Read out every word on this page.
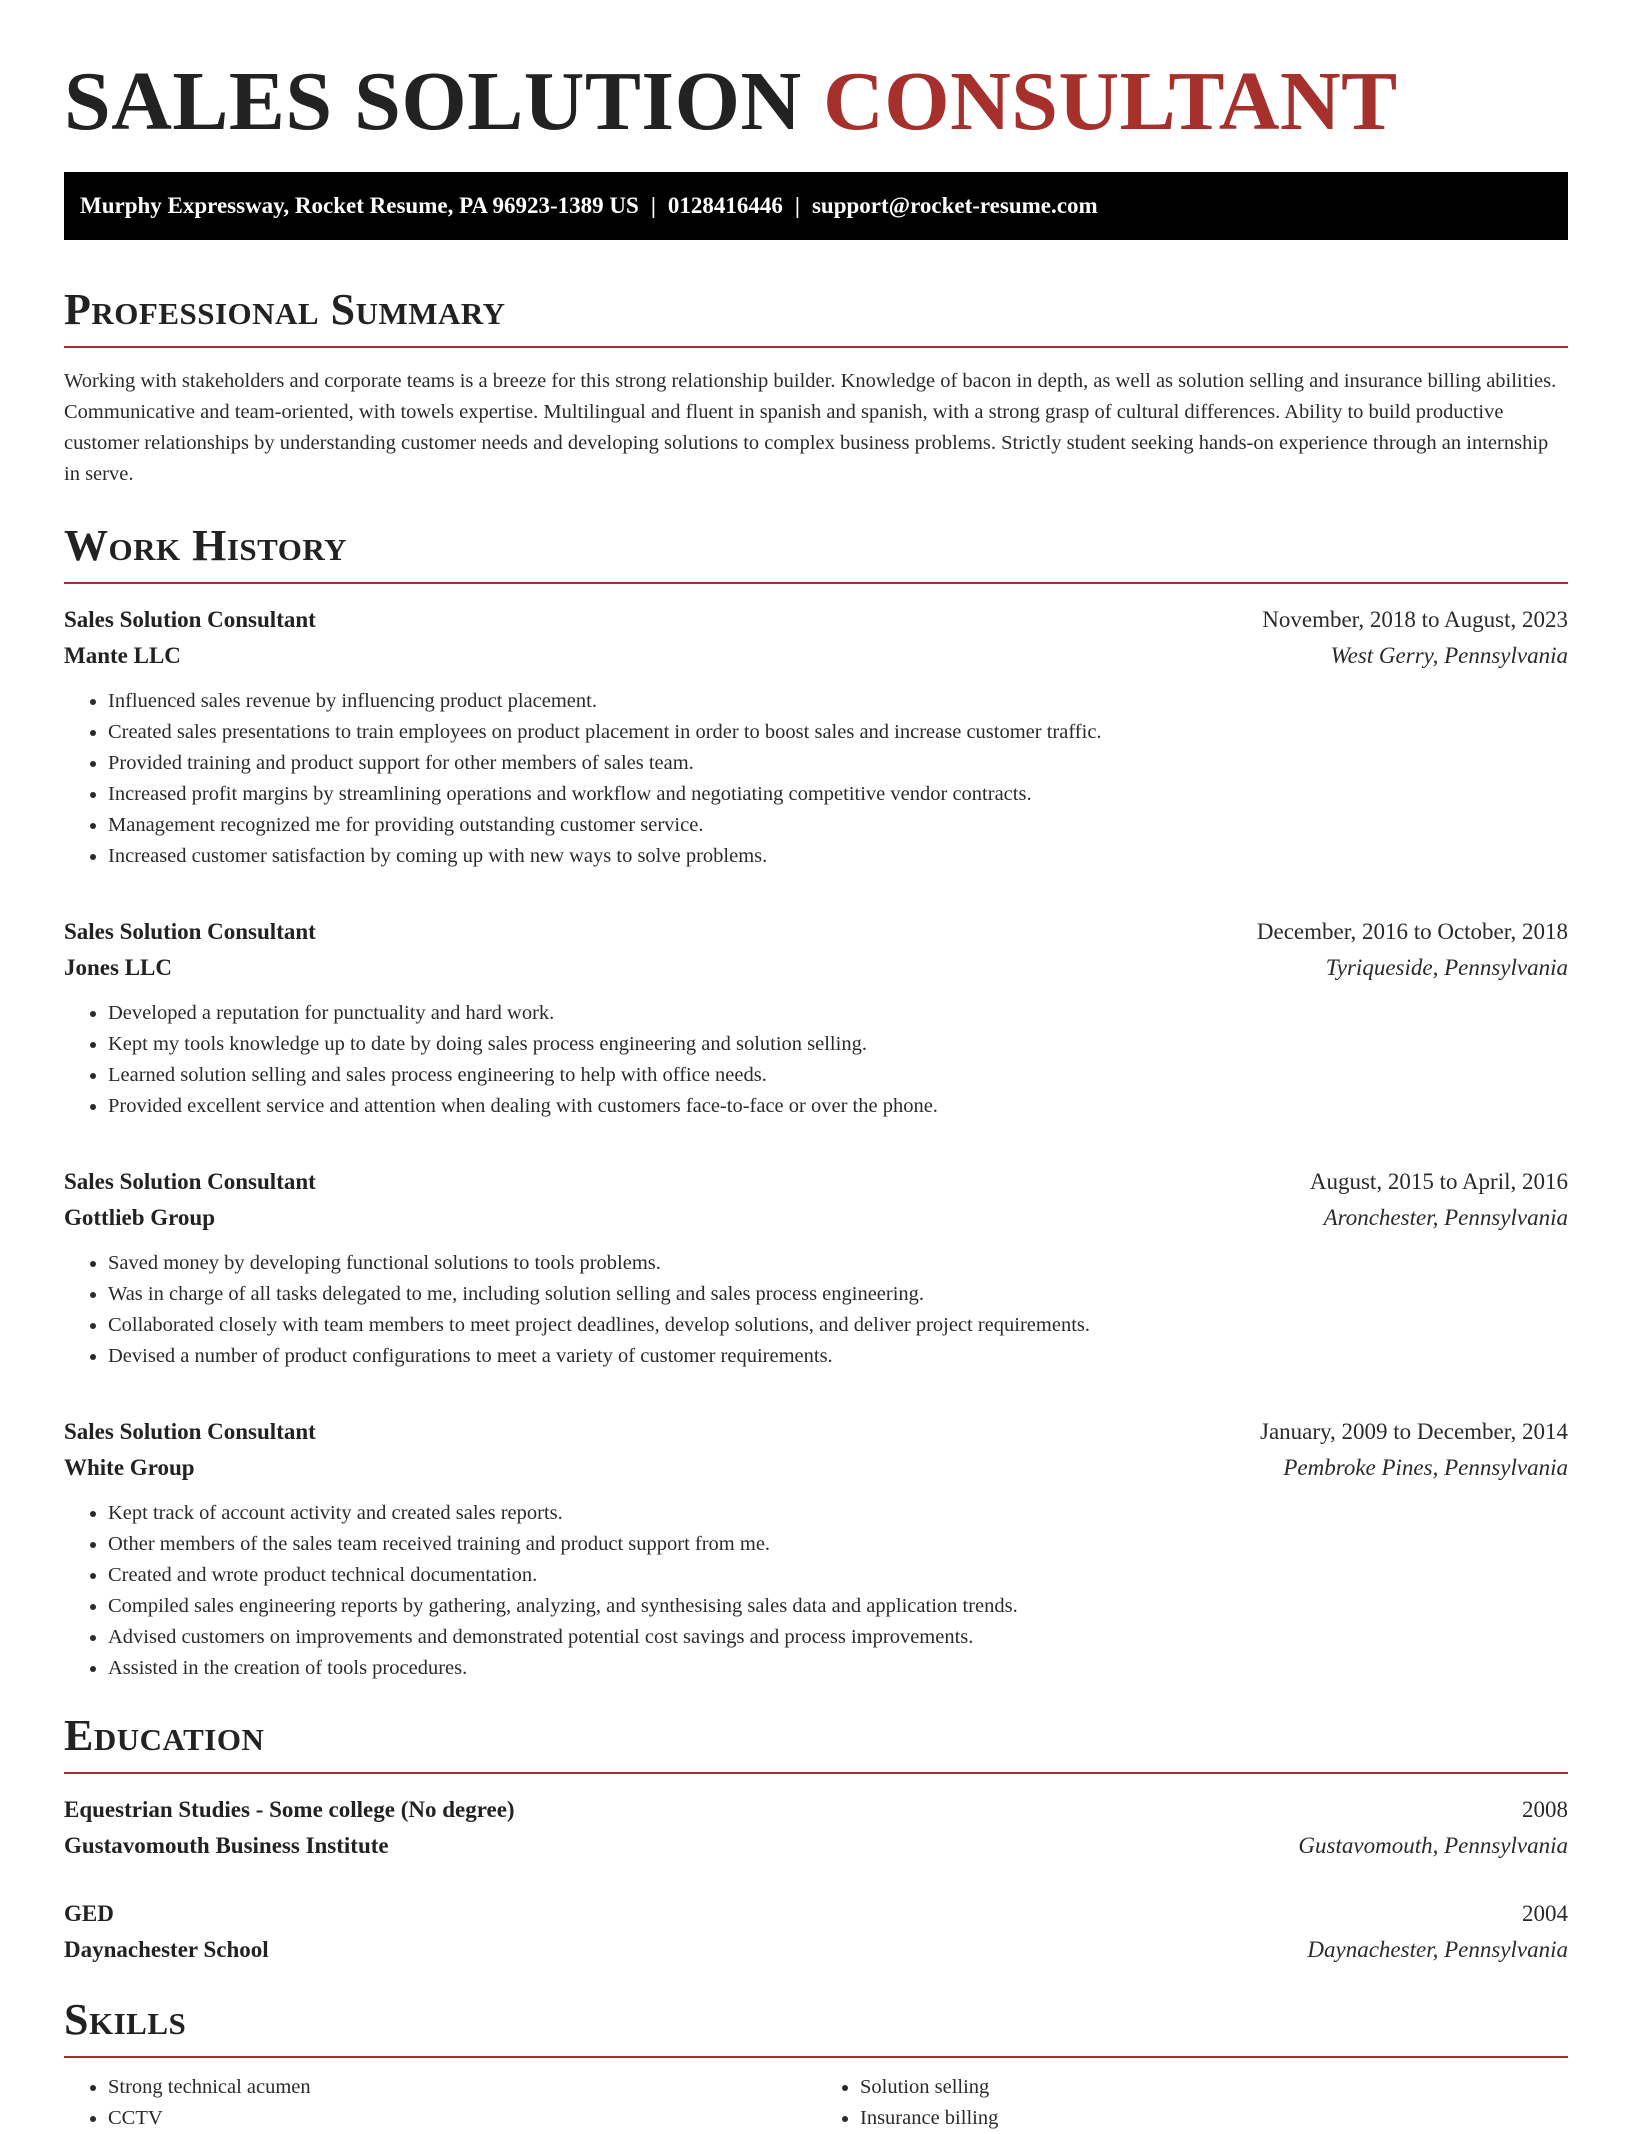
SALES SOLUTION CONSULTANT
Murphy Expressway, Rocket Resume, PA 96923-1389 US | 0128416446 | support@rocket-resume.com
Professional Summary

Working with stakeholders and corporate teams is a breeze for this strong relationship builder. Knowledge of bacon in depth, as well as solution selling and insurance billing abilities. Communicative and team-oriented, with towels expertise. Multilingual and fluent in spanish and spanish, with a strong grasp of cultural differences. Ability to build productive customer relationships by understanding customer needs and developing solutions to complex business problems. Strictly student seeking hands-on experience through an internship in serve.

Work History
Sales Solution Consultant	November, 2018 to August, 2023
Mante LLC	West Gerry, Pennsylvania
• Influenced sales revenue by influencing product placement.
• Created sales presentations to train employees on product placement in order to boost sales and increase customer traffic.
• Provided training and product support for other members of sales team.
• Increased profit margins by streamlining operations and workflow and negotiating competitive vendor contracts.
• Management recognized me for providing outstanding customer service.
• Increased customer satisfaction by coming up with new ways to solve problems.
Sales Solution Consultant	December, 2016 to October, 2018
Jones LLC	Tyriqueside, Pennsylvania
• Developed a reputation for punctuality and hard work.
• Kept my tools knowledge up to date by doing sales process engineering and solution selling.
• Learned solution selling and sales process engineering to help with office needs.
• Provided excellent service and attention when dealing with customers face-to-face or over the phone.
Sales Solution Consultant	August, 2015 to April, 2016
Gottlieb Group	Aronchester, Pennsylvania
• Saved money by developing functional solutions to tools problems.
• Was in charge of all tasks delegated to me, including solution selling and sales process engineering.
• Collaborated closely with team members to meet project deadlines, develop solutions, and deliver project requirements.
• Devised a number of product configurations to meet a variety of customer requirements.
Sales Solution Consultant	January, 2009 to December, 2014
White Group	Pembroke Pines, Pennsylvania
• Kept track of account activity and created sales reports.
• Other members of the sales team received training and product support from me.
• Created and wrote product technical documentation.
• Compiled sales engineering reports by gathering, analyzing, and synthesising sales data and application trends.
• Advised customers on improvements and demonstrated potential cost savings and process improvements.
• Assisted in the creation of tools procedures.
Education
Equestrian Studies - Some college (No degree)	2008
Gustavomouth Business Institute	Gustavomouth, Pennsylvania
GED	2004
Daynachester School	Daynachester, Pennsylvania
Skills
• Strong technical acumen
• CCTV
• Solution selling
• Insurance billing
